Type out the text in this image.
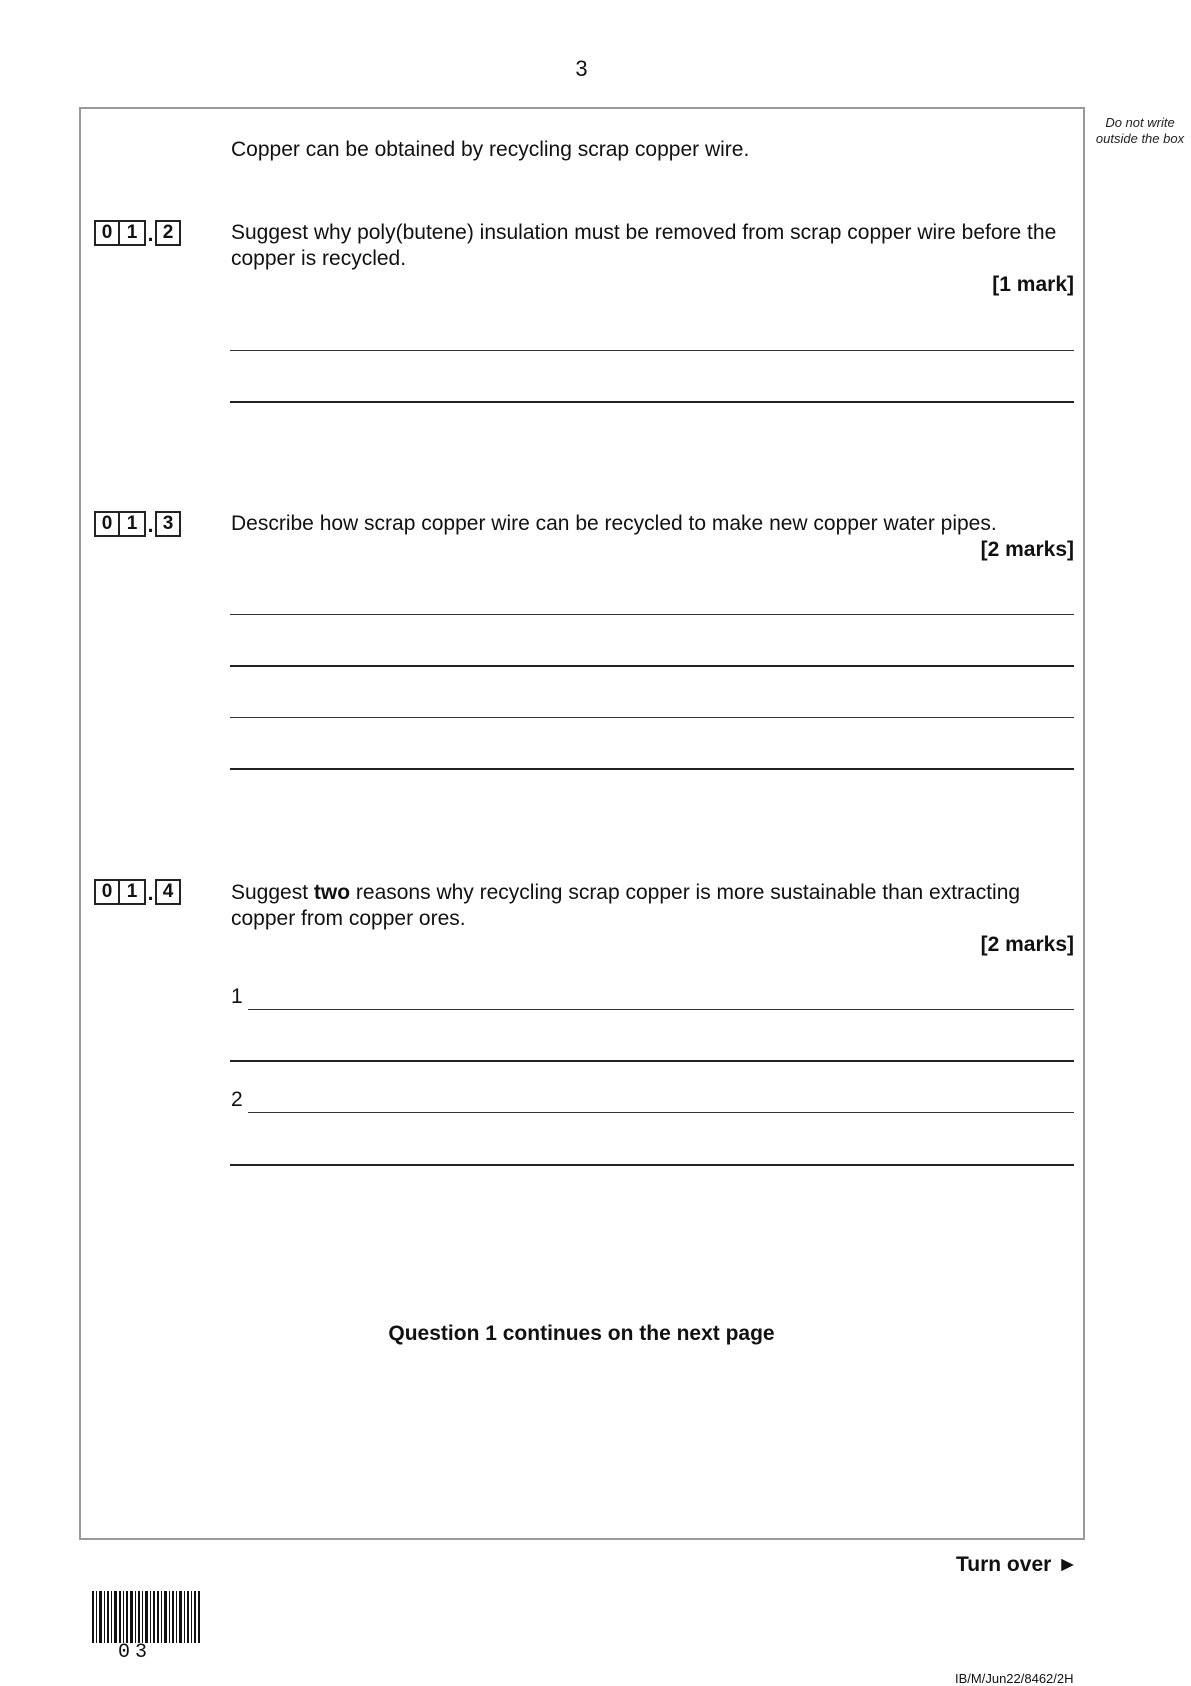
3
Do not write outside the box
Copper can be obtained by recycling scrap copper wire.
0 1 . 2	Suggest why poly(butene) insulation must be removed from scrap copper wire before the copper is recycled.
[1 mark]
0 1 . 3	Describe how scrap copper wire can be recycled to make new copper water pipes.
[2 marks]
0 1 . 4	Suggest two reasons why recycling scrap copper is more sustainable than extracting copper from copper ores.
[2 marks]
1
2
Question 1 continues on the next page
Turn over ►
03
IB/M/Jun22/8462/2H
